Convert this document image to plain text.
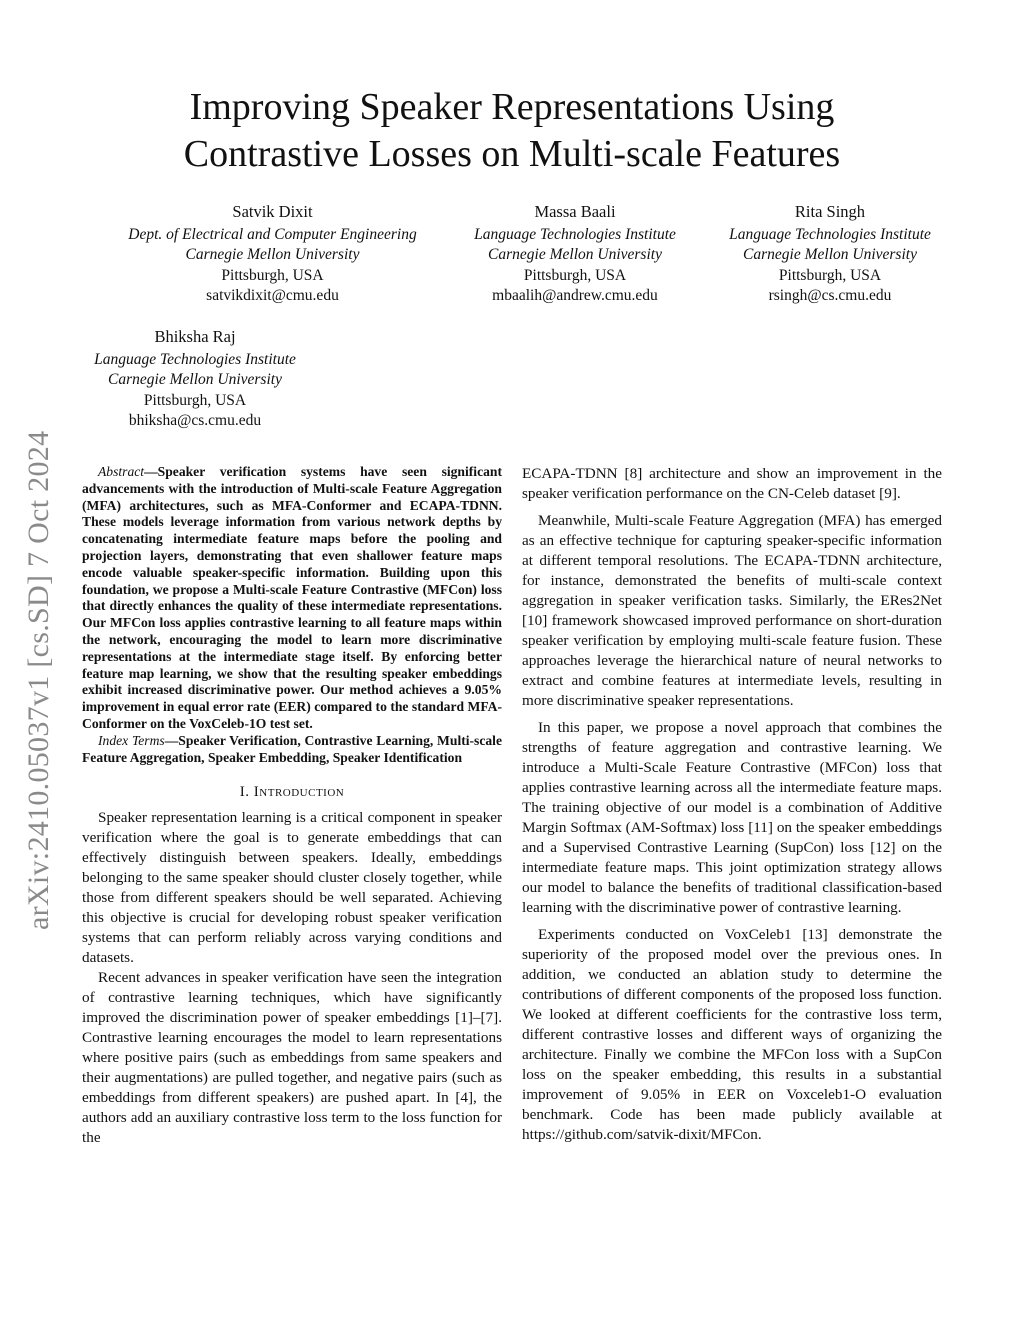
arXiv:2410.05037v1 [cs.SD] 7 Oct 2024
Improving Speaker Representations Using
Contrastive Losses on Multi-scale Features
Satvik Dixit
Dept. of Electrical and Computer Engineering
Carnegie Mellon University
Pittsburgh, USA
satvikdixit@cmu.edu
Massa Baali
Language Technologies Institute
Carnegie Mellon University
Pittsburgh, USA
mbaalih@andrew.cmu.edu
Rita Singh
Language Technologies Institute
Carnegie Mellon University
Pittsburgh, USA
rsingh@cs.cmu.edu
Bhiksha Raj
Language Technologies Institute
Carnegie Mellon University
Pittsburgh, USA
bhiksha@cs.cmu.edu

Abstract—Speaker verification systems have seen significant advancements with the introduction of Multi-scale Feature Aggregation (MFA) architectures, such as MFA-Conformer and ECAPA-TDNN. These models leverage information from various network depths by concatenating intermediate feature maps before the pooling and projection layers, demonstrating that even shallower feature maps encode valuable speaker-specific information. Building upon this foundation, we propose a Multi-scale Feature Contrastive (MFCon) loss that directly enhances the quality of these intermediate representations. Our MFCon loss applies contrastive learning to all feature maps within the network, encouraging the model to learn more discriminative representations at the intermediate stage itself. By enforcing better feature map learning, we show that the resulting speaker embeddings exhibit increased discriminative power. Our method achieves a 9.05% improvement in equal error rate (EER) compared to the standard MFA-Conformer on the VoxCeleb-1O test set.

Index Terms—Speaker Verification, Contrastive Learning, Multi-scale Feature Aggregation, Speaker Embedding, Speaker Identification

I. Introduction

Speaker representation learning is a critical component in speaker verification where the goal is to generate embeddings that can effectively distinguish between speakers. Ideally, embeddings belonging to the same speaker should cluster closely together, while those from different speakers should be well separated. Achieving this objective is crucial for developing robust speaker verification systems that can perform reliably across varying conditions and datasets.

Recent advances in speaker verification have seen the integration of contrastive learning techniques, which have significantly improved the discrimination power of speaker embeddings [1]–[7]. Contrastive learning encourages the model to learn representations where positive pairs (such as embeddings from same speakers and their augmentations) are pulled together, and negative pairs (such as embeddings from different speakers) are pushed apart. In [4], the authors add an auxiliary contrastive loss term to the loss function for the

ECAPA-TDNN [8] architecture and show an improvement in the speaker verification performance on the CN-Celeb dataset [9].

Meanwhile, Multi-scale Feature Aggregation (MFA) has emerged as an effective technique for capturing speaker-specific information at different temporal resolutions. The ECAPA-TDNN architecture, for instance, demonstrated the benefits of multi-scale context aggregation in speaker verification tasks. Similarly, the ERes2Net [10] framework showcased improved performance on short-duration speaker verification by employing multi-scale feature fusion. These approaches leverage the hierarchical nature of neural networks to extract and combine features at intermediate levels, resulting in more discriminative speaker representations.

In this paper, we propose a novel approach that combines the strengths of feature aggregation and contrastive learning. We introduce a Multi-Scale Feature Contrastive (MFCon) loss that applies contrastive learning across all the intermediate feature maps. The training objective of our model is a combination of Additive Margin Softmax (AM-Softmax) loss [11] on the speaker embeddings and a Supervised Contrastive Learning (SupCon) loss [12] on the intermediate feature maps. This joint optimization strategy allows our model to balance the benefits of traditional classification-based learning with the discriminative power of contrastive learning.

Experiments conducted on VoxCeleb1 [13] demonstrate the superiority of the proposed model over the previous ones. In addition, we conducted an ablation study to determine the contributions of different components of the proposed loss function. We looked at different coefficients for the contrastive loss term, different contrastive losses and different ways of organizing the architecture. Finally we combine the MFCon loss with a SupCon loss on the speaker embedding, this results in a substantial improvement of 9.05% in EER on Voxceleb1-O evaluation benchmark. Code has been made publicly available at https://github.com/satvik-dixit/MFCon.
